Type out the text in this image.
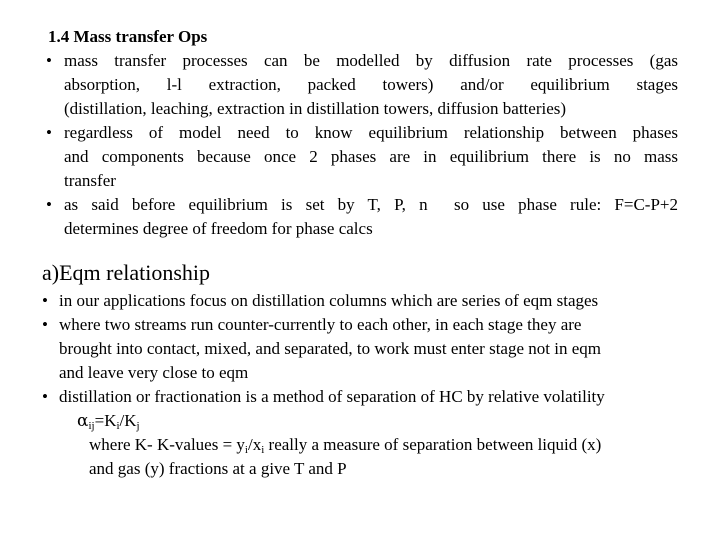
1.4 Mass transfer Ops
• mass transfer processes can be modelled by diffusion rate processes (gas
absorption, l-l extraction, packed towers) and/or equilibrium stages
(distillation, leaching, extraction in distillation towers, diffusion batteries)
• regardless of model need to know equilibrium relationship between phases
and components because once 2 phases are in equilibrium there is no mass
transfer
• as said before equilibrium is set by T, P, n  so use phase rule: F=C-P+2
determines degree of freedom for phase calcs
a)Eqm relationship
• in our applications focus on distillation columns which are series of eqm stages
• where two streams run counter-currently to each other, in each stage they are
brought into contact, mixed, and separated, to work must enter stage not in eqm
and leave very close to eqm
• distillation or fractionation is a method of separation of HC by relative volatility
$\alpha_{ij}=K_i/K_j$
where K- K-values = $y_i/x_i$ really a measure of separation between liquid (x)
and gas (y) fractions at a give T and P
